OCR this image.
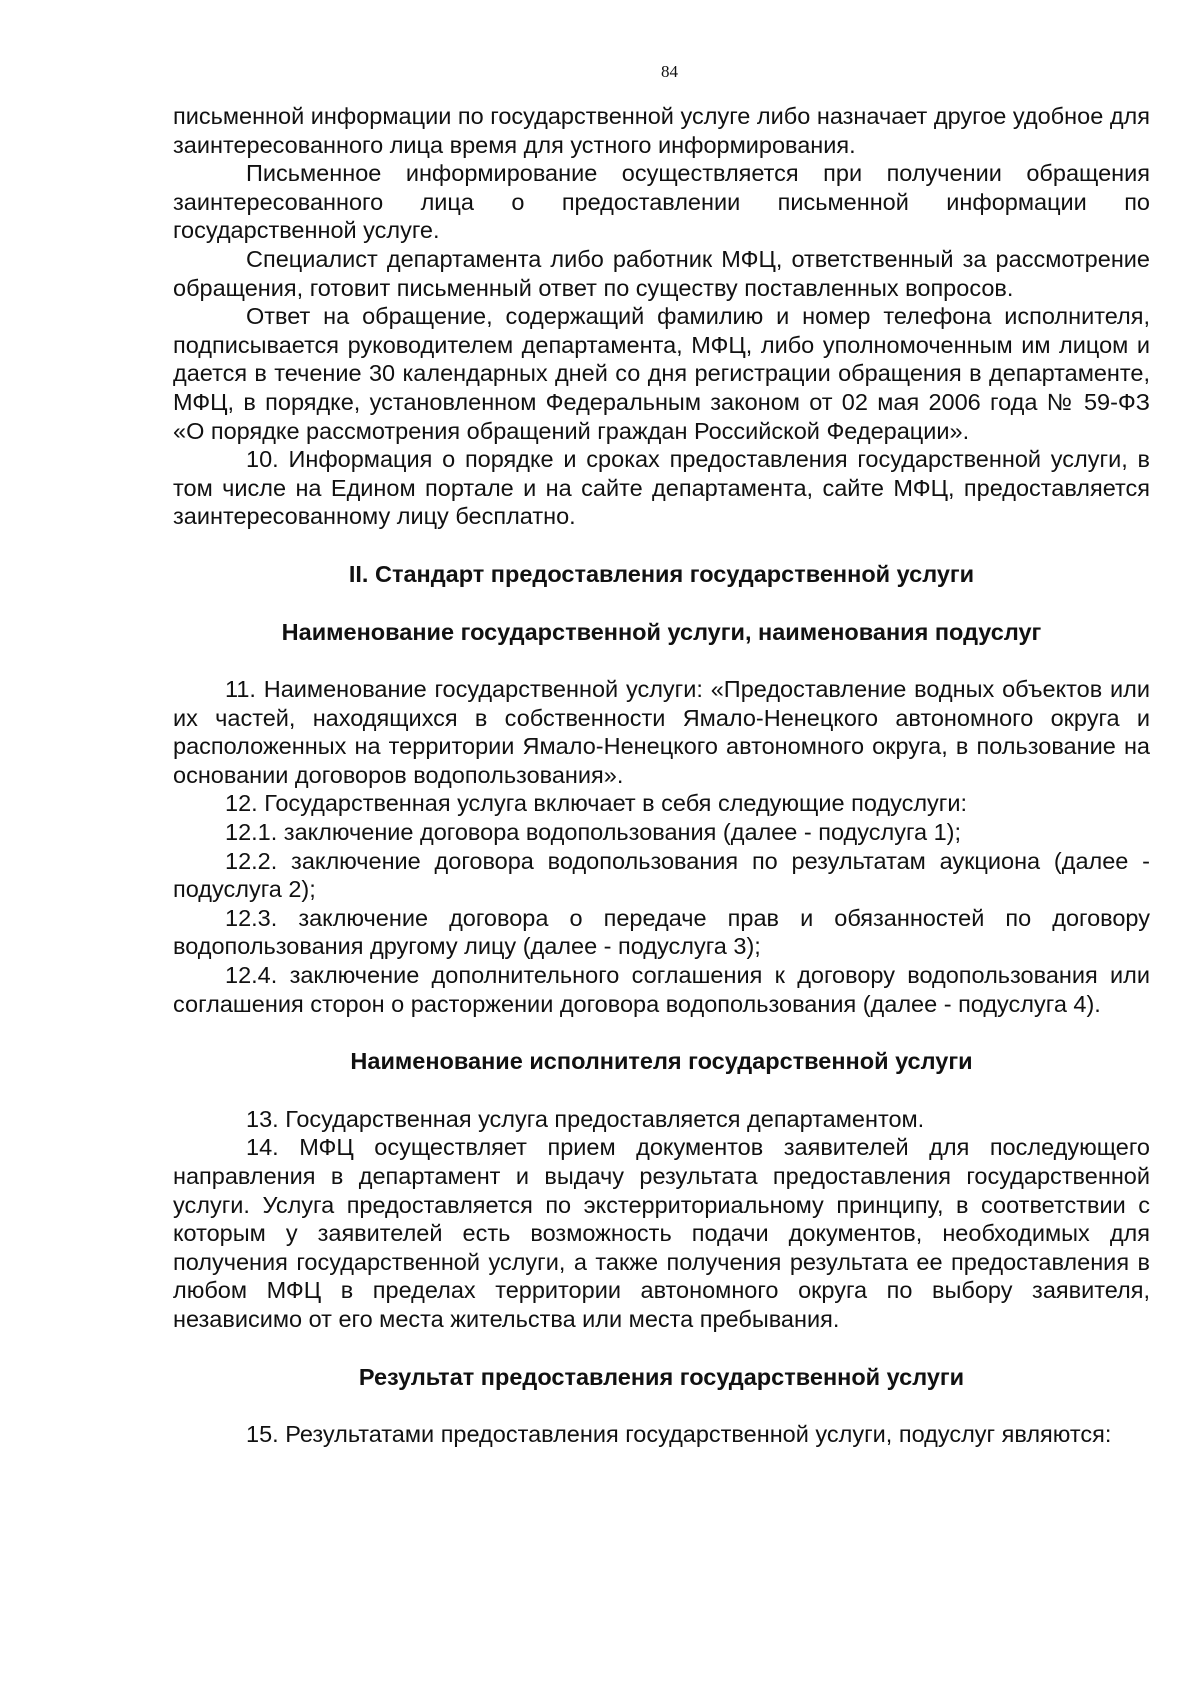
84

письменной информации по государственной услуге либо назначает другое удобное для заинтересованного лица время для устного информирования.

Письменное информирование осуществляется при получении обращения заинтересованного лица о предоставлении письменной информации по государственной услуге.

Специалист департамента либо работник МФЦ, ответственный за рассмотрение обращения, готовит письменный ответ по существу поставленных вопросов.

Ответ на обращение, содержащий фамилию и номер телефона исполнителя, подписывается руководителем департамента, МФЦ, либо уполномоченным им лицом и дается в течение 30 календарных дней со дня регистрации обращения в департаменте, МФЦ, в порядке, установленном Федеральным законом от 02 мая 2006 года № 59-ФЗ «О порядке рассмотрения обращений граждан Российской Федерации».

10. Информация о порядке и сроках предоставления государственной услуги, в том числе на Едином портале и на сайте департамента, сайте МФЦ, предоставляется заинтересованному лицу бесплатно.

II. Стандарт предоставления государственной услуги
Наименование государственной услуги, наименования подуслуг

11. Наименование государственной услуги: «Предоставление водных объектов или их частей, находящихся в собственности Ямало-Ненецкого автономного округа и расположенных на территории Ямало-Ненецкого автономного округа, в пользование на основании договоров водопользования».

12. Государственная услуга включает в себя следующие подуслуги:

12.1. заключение договора водопользования (далее - подуслуга 1);

12.2. заключение договора водопользования по результатам аукциона (далее - подуслуга 2);

12.3. заключение договора о передаче прав и обязанностей по договору водопользования другому лицу (далее - подуслуга 3);

12.4. заключение дополнительного соглашения к договору водопользования или соглашения сторон о расторжении договора водопользования (далее - подуслуга 4).

Наименование исполнителя государственной услуги

13. Государственная услуга предоставляется департаментом.

14. МФЦ осуществляет прием документов заявителей для последующего направления в департамент и выдачу результата предоставления государственной услуги. Услуга предоставляется по экстерриториальному принципу, в соответствии с которым у заявителей есть возможность подачи документов, необходимых для получения государственной услуги, а также получения результата ее предоставления в любом МФЦ в пределах территории автономного округа по выбору заявителя, независимо от его места жительства или места пребывания.

Результат предоставления государственной услуги

15. Результатами предоставления государственной услуги, подуслуг являются:
